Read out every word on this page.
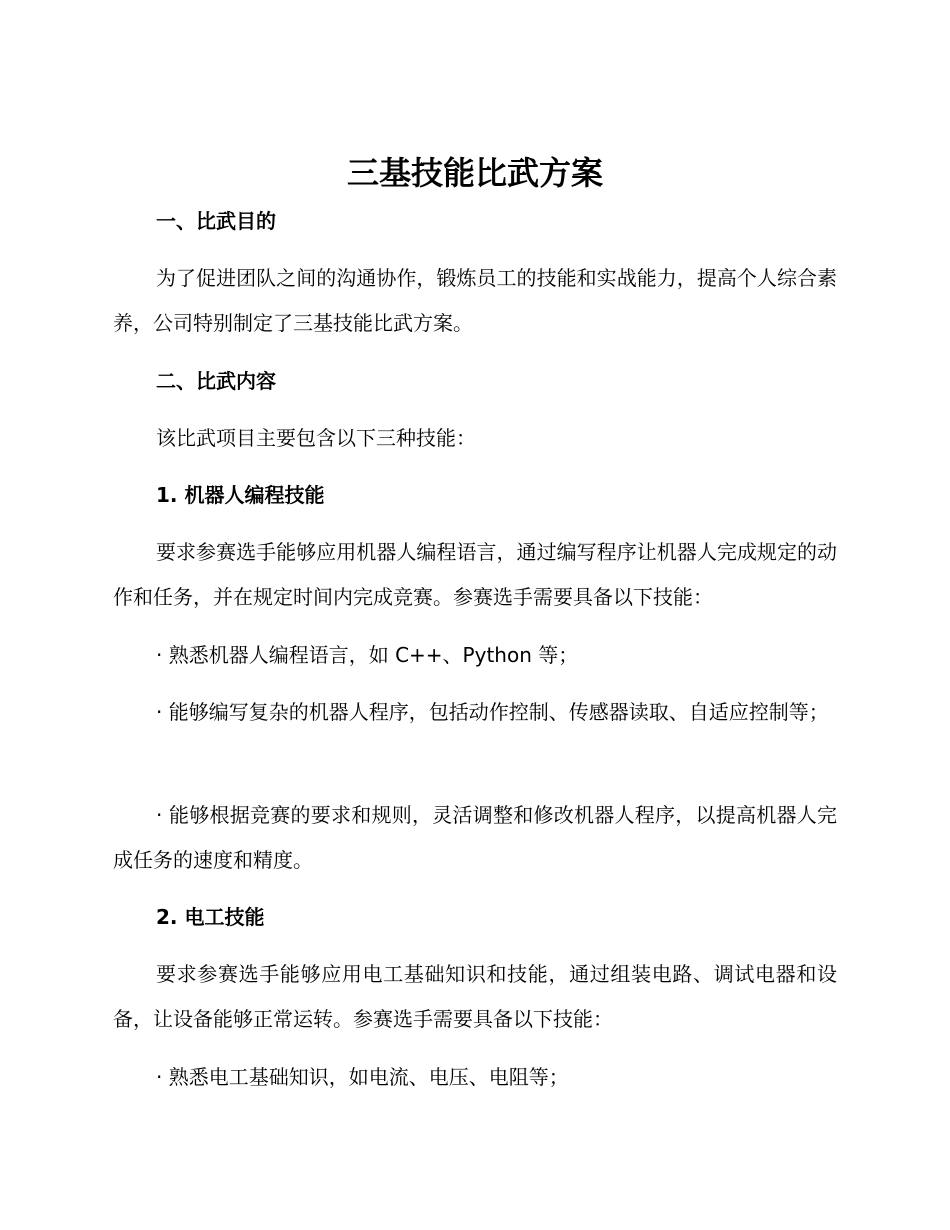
三基技能比武方案
一、比武目的
为了促进团队之间的沟通协作，锻炼员工的技能和实战能力，提高个人综合素养，公司特别制定了三基技能比武方案。
二、比武内容
该比武项目主要包含以下三种技能：
1. 机器人编程技能
要求参赛选手能够应用机器人编程语言，通过编写程序让机器人完成规定的动作和任务，并在规定时间内完成竞赛。参赛选手需要具备以下技能：
· 熟悉机器人编程语言，如 C++、Python 等；
· 能够编写复杂的机器人程序，包括动作控制、传感器读取、自适应控制等；
· 能够根据竞赛的要求和规则，灵活调整和修改机器人程序，以提高机器人完成任务的速度和精度。
2. 电工技能
要求参赛选手能够应用电工基础知识和技能，通过组装电路、调试电器和设备，让设备能够正常运转。参赛选手需要具备以下技能：
· 熟悉电工基础知识，如电流、电压、电阻等；
